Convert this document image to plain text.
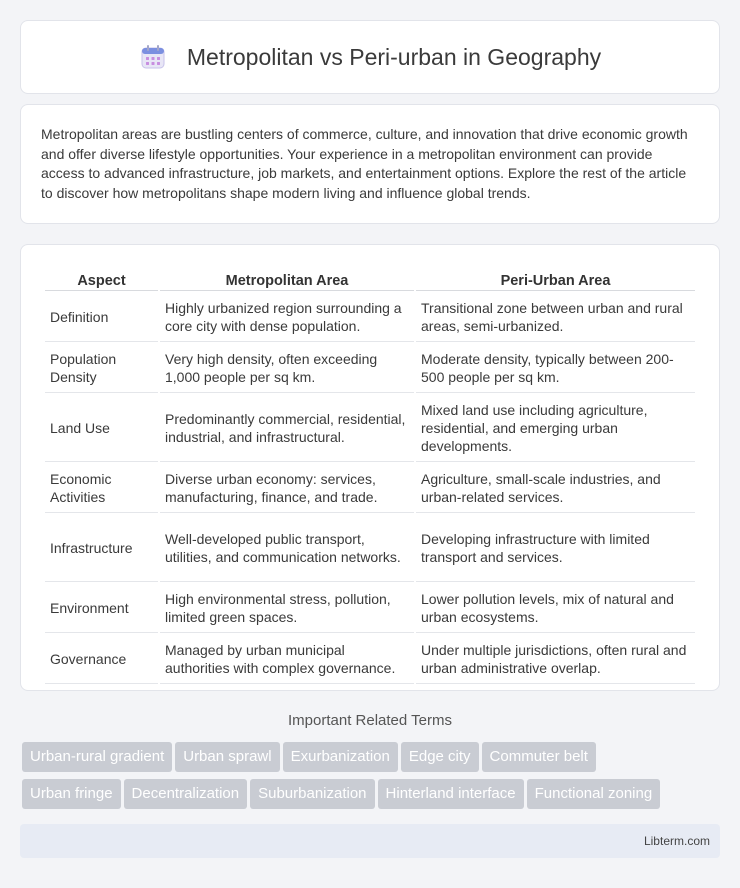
Metropolitan vs Peri-urban in Geography

Metropolitan areas are bustling centers of commerce, culture, and innovation that drive economic growth and offer diverse lifestyle opportunities. Your experience in a metropolitan environment can provide access to advanced infrastructure, job markets, and entertainment options. Explore the rest of the article to discover how metropolitans shape modern living and influence global trends.

Aspect	Metropolitan Area	Peri-Urban Area
Definition	Highly urbanized region surrounding a core city with dense population.	Transitional zone between urban and rural areas, semi-urbanized.
Population Density	Very high density, often exceeding 1,000 people per sq km.	Moderate density, typically between 200-500 people per sq km.
Land Use	Predominantly commercial, residential, industrial, and infrastructural.	Mixed land use including agriculture, residential, and emerging urban developments.
Economic Activities	Diverse urban economy: services, manufacturing, finance, and trade.	Agriculture, small-scale industries, and urban-related services.
Infrastructure	Well-developed public transport, utilities, and communication networks.	Developing infrastructure with limited transport and services.
Environment	High environmental stress, pollution, limited green spaces.	Lower pollution levels, mix of natural and urban ecosystems.
Governance	Managed by urban municipal authorities with complex governance.	Under multiple jurisdictions, often rural and urban administrative overlap.
Important Related Terms
Urban-rural gradient Urban sprawl Exurbanization Edge city Commuter belt
Urban fringe Decentralization Suburbanization Hinterland interface Functional zoning
Libterm.com
